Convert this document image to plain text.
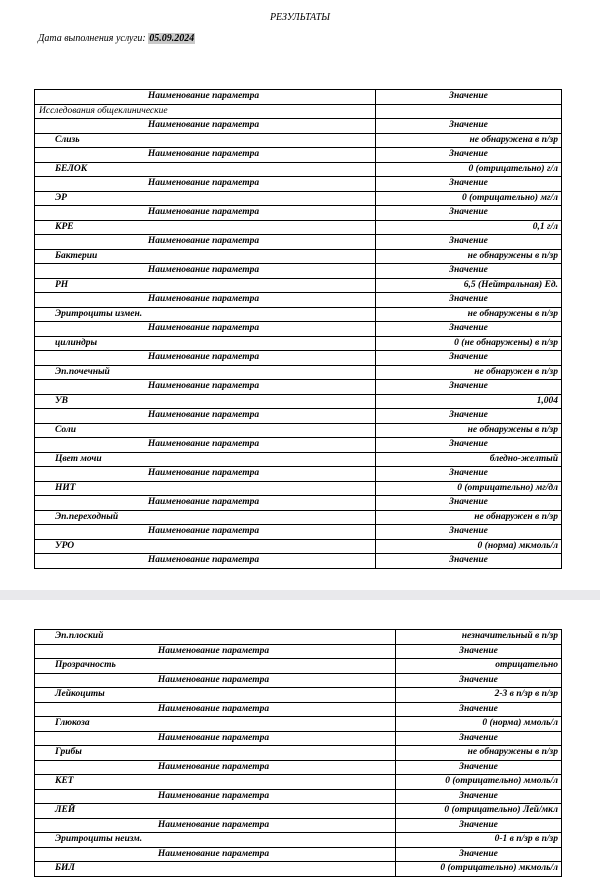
РЕЗУЛЬТАТЫ
Дата выполнения услуги: 05.09.2024
Наименование параметра	Значение
Исследования общеклинические	
Наименование параметра	Значение
Слизь	не обнаружена в п/зр
Наименование параметра	Значение
БЕЛОК	0 (отрицательно) г/л
Наименование параметра	Значение
ЭР	0 (отрицательно) мг/л
Наименование параметра	Значение
КРЕ	0,1 г/л
Наименование параметра	Значение
Бактерии	не обнаружены в п/зр
Наименование параметра	Значение
PH	6,5 (Нейтральная) Ед.
Наименование параметра	Значение
Эритроциты измен.	не обнаружены в п/зр
Наименование параметра	Значение
цилиндры	0 (не обнаружены) в п/зр
Наименование параметра	Значение
Эп.почечный	не обнаружен в п/зр
Наименование параметра	Значение
УВ	1,004
Наименование параметра	Значение
Соли	не обнаружены в п/зр
Наименование параметра	Значение
Цвет мочи	бледно-желтый
Наименование параметра	Значение
НИТ	0 (отрицательно) мг/дл
Наименование параметра	Значение
Эп.переходный	не обнаружен в п/зр
Наименование параметра	Значение
УРО	0 (норма) мкмоль/л
Наименование параметра	Значение
Эп.плоский	незначительный в п/зр
Наименование параметра	Значение
Прозрачность	отрицательно
Наименование параметра	Значение
Лейкоциты	2-3 в п/зр в п/зр
Наименование параметра	Значение
Глюкоза	0 (норма) ммоль/л
Наименование параметра	Значение
Грибы	не обнаружены в п/зр
Наименование параметра	Значение
КЕТ	0 (отрицательно) ммоль/л
Наименование параметра	Значение
ЛЕЙ	0 (отрицательно) Лей/мкл
Наименование параметра	Значение
Эритроциты неизм.	0-1 в п/зр в п/зр
Наименование параметра	Значение
БИЛ	0 (отрицательно) мкмоль/л
